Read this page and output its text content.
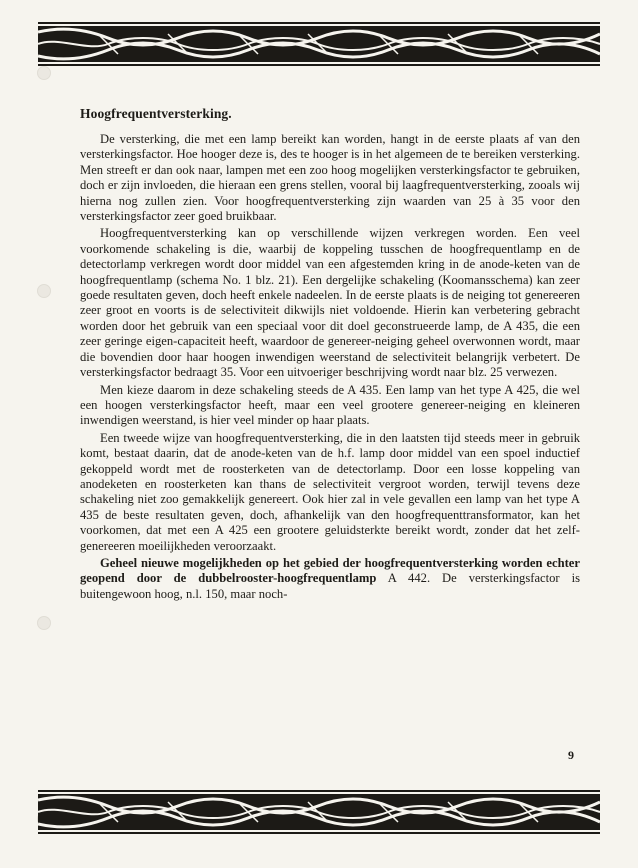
Hoogfrequentversterking.

De versterking, die met een lamp bereikt kan worden, hangt in de eerste plaats af van den versterkingsfactor. Hoe hooger deze is, des te hooger is in het algemeen de te bereiken versterking. Men streeft er dan ook naar, lampen met een zoo hoog mogelijken versterkingsfactor te gebruiken, doch er zijn invloeden, die hieraan een grens stellen, vooral bij laagfrequentversterking, zooals wij hierna nog zullen zien. Voor hoogfrequentversterking zijn waarden van 25 à 35 voor den versterkingsfactor zeer goed bruikbaar.

Hoogfrequentversterking kan op verschillende wijzen verkregen worden. Een veel voorkomende schakeling is die, waarbij de koppeling tusschen de hoogfrequentlamp en de detectorlamp verkregen wordt door middel van een afgestemden kring in de anode-keten van de hoogfrequentlamp (schema No. 1 blz. 21). Een dergelijke schakeling (Koomansschema) kan zeer goede resultaten geven, doch heeft enkele nadeelen. In de eerste plaats is de neiging tot genereeren zeer groot en voorts is de selectiviteit dikwijls niet voldoende. Hierin kan verbetering gebracht worden door het gebruik van een speciaal voor dit doel geconstrueerde lamp, de A 435, die een zeer geringe eigen-capaciteit heeft, waardoor de genereer-neiging geheel overwonnen wordt, maar die bovendien door haar hoogen inwendigen weerstand de selectiviteit belangrijk verbetert. De versterkingsfactor bedraagt 35. Voor een uitvoeriger beschrijving wordt naar blz. 25 verwezen.

Men kieze daarom in deze schakeling steeds de A 435. Een lamp van het type A 425, die wel een hoogen versterkingsfactor heeft, maar een veel grootere genereer-neiging en kleineren inwendigen weerstand, is hier veel minder op haar plaats.

Een tweede wijze van hoogfrequentversterking, die in den laatsten tijd steeds meer in gebruik komt, bestaat daarin, dat de anode-keten van de h.f. lamp door middel van een spoel inductief gekoppeld wordt met de roosterketen van de detectorlamp. Door een losse koppeling van anodeketen en roosterketen kan thans de selectiviteit vergroot worden, terwijl tevens deze schakeling niet zoo gemakkelijk genereert. Ook hier zal in vele gevallen een lamp van het type A 435 de beste resultaten geven, doch, afhankelijk van den hoogfrequenttransformator, kan het voorkomen, dat met een A 425 een grootere geluidsterkte bereikt wordt, zonder dat het zelf-genereeren moeilijkheden veroorzaakt.

Geheel nieuwe mogelijkheden op het gebied der hoogfrequentversterking worden echter geopend door de dubbelrooster-hoogfrequentlamp A 442. De versterkingsfactor is buitengewoon hoog, n.l. 150, maar noch-

9
